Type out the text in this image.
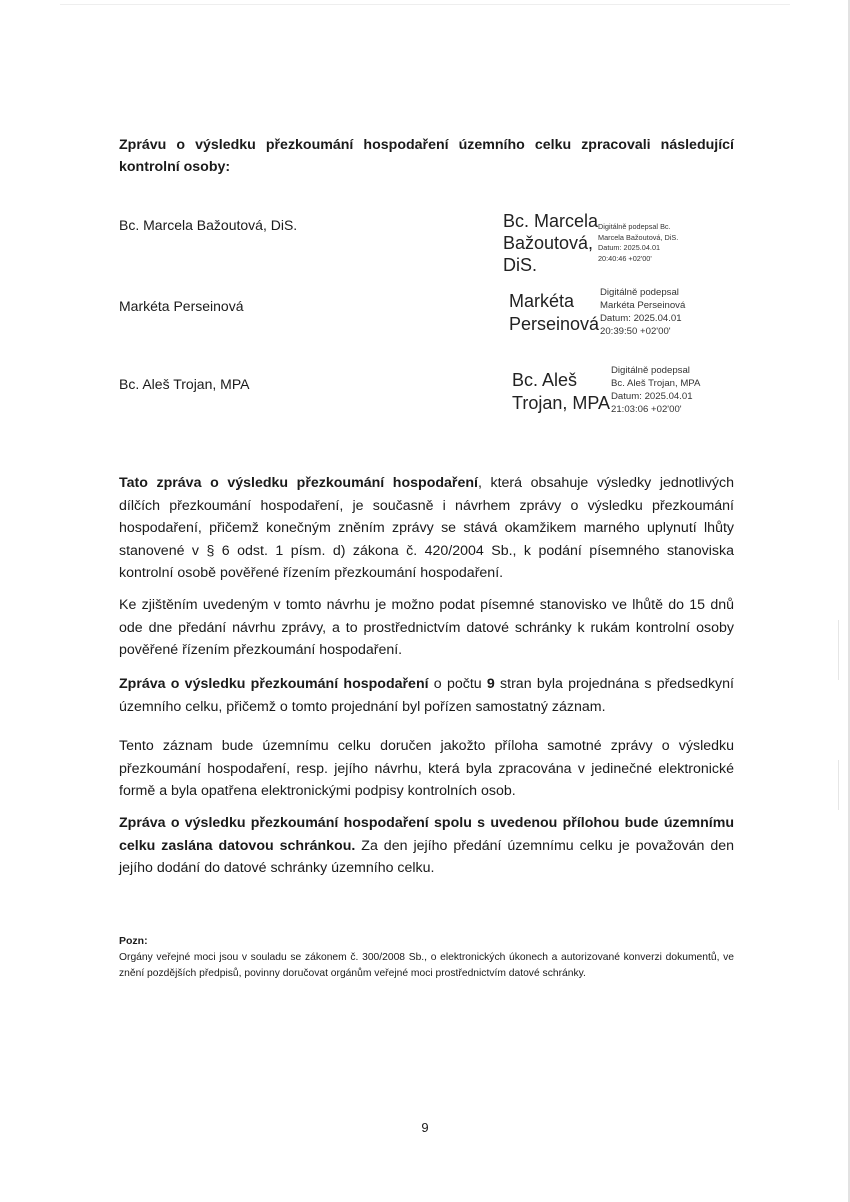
Zprávu o výsledku přezkoumání hospodaření územního celku zpracovali následující kontrolní osoby:
Bc. Marcela Bažoutová, DiS.
Markéta Perseinová
Bc. Aleš Trojan, MPA
Bc. Marcela
Bažoutová,
DiS.
Digitálně podepsal Bc.
Marcela Bažoutová, DiS.
Datum: 2025.04.01
20:40:46 +02'00'
Markéta
Perseinová
Digitálně podepsal
Markéta Perseinová
Datum: 2025.04.01
20:39:50 +02'00'
Bc. Aleš
Trojan, MPA
Digitálně podepsal
Bc. Aleš Trojan, MPA
Datum: 2025.04.01
21:03:06 +02'00'
Tato zpráva o výsledku přezkoumání hospodaření, která obsahuje výsledky jednotlivých dílčích přezkoumání hospodaření, je současně i návrhem zprávy o výsledku přezkoumání hospodaření, přičemž konečným zněním zprávy se stává okamžikem marného uplynutí lhůty stanovené v § 6 odst. 1 písm. d) zákona č. 420/2004 Sb., k podání písemného stanoviska kontrolní osobě pověřené řízením přezkoumání hospodaření.
Ke zjištěním uvedeným v tomto návrhu je možno podat písemné stanovisko ve lhůtě do 15 dnů ode dne předání návrhu zprávy, a to prostřednictvím datové schránky k rukám kontrolní osoby pověřené řízením přezkoumání hospodaření.
Zpráva o výsledku přezkoumání hospodaření o počtu 9 stran byla projednána s předsedkyní územního celku, přičemž o tomto projednání byl pořízen samostatný záznam.
Tento záznam bude územnímu celku doručen jakožto příloha samotné zprávy o výsledku přezkoumání hospodaření, resp. jejího návrhu, která byla zpracována v jedinečné elektronické formě a byla opatřena elektronickými podpisy kontrolních osob.
Zpráva o výsledku přezkoumání hospodaření spolu s uvedenou přílohou bude územnímu celku zaslána datovou schránkou. Za den jejího předání územnímu celku je považován den jejího dodání do datové schránky územního celku.
Pozn:
Orgány veřejné moci jsou v souladu se zákonem č. 300/2008 Sb., o elektronických úkonech a autorizované konverzi dokumentů, ve znění pozdějších předpisů, povinny doručovat orgánům veřejné moci prostřednictvím datové schránky.
9
